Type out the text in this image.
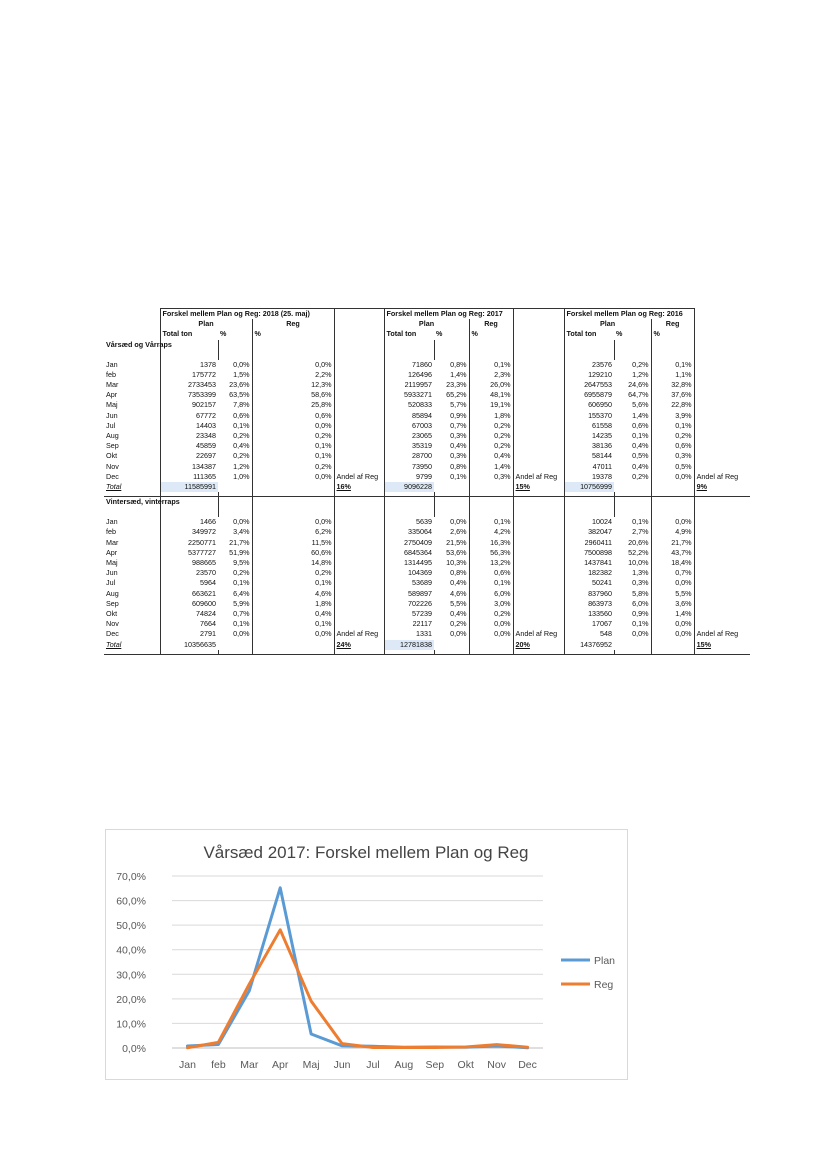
	Forskel mellem Plan og Reg: 2018 (25. maj)				Forskel mellem Plan og Reg: 2017				Forskel mellem Plan og Reg: 2016			
	Plan		Reg		Plan		Reg		Plan		Reg	
	Total ton	%	%		Total ton	%	%		Total ton	%	%	
Vårsæd og Vårraps												

Jan	1378	0,0%	0,0%		71860	0,8%	0,1%		23576	0,2%	0,1%	
feb	175772	1,5%	2,2%		126496	1,4%	2,3%		129210	1,2%	1,1%	
Mar	2733453	23,6%	12,3%		2119957	23,3%	26,0%		2647553	24,6%	32,8%	
Apr	7353399	63,5%	58,6%		5933271	65,2%	48,1%		6955879	64,7%	37,6%	
Maj	902157	7,8%	25,8%		520833	5,7%	19,1%		606950	5,6%	22,8%	
Jun	67772	0,6%	0,6%		85894	0,9%	1,8%		155370	1,4%	3,9%	
Jul	14403	0,1%	0,0%		67003	0,7%	0,2%		61558	0,6%	0,1%	
Aug	23348	0,2%	0,2%		23065	0,3%	0,2%		14235	0,1%	0,2%	
Sep	45859	0,4%	0,1%		35319	0,4%	0,2%		38136	0,4%	0,6%	
Okt	22697	0,2%	0,1%		28700	0,3%	0,4%		58144	0,5%	0,3%	
Nov	134387	1,2%	0,2%		73950	0,8%	1,4%		47011	0,4%	0,5%	
Dec	111365	1,0%	0,0%	Andel af Reg	9799	0,1%	0,3%	Andel af Reg	19378	0,2%	0,0%	Andel af Reg
Total	11585991			16%	9096228			15%	10756999			9%

Vintersæd, vinterraps												

Jan	1466	0,0%	0,0%		5639	0,0%	0,1%		10024	0,1%	0,0%	
feb	349972	3,4%	6,2%		335064	2,6%	4,2%		382047	2,7%	4,9%	
Mar	2250771	21,7%	11,5%		2750409	21,5%	16,3%		2960411	20,6%	21,7%	
Apr	5377727	51,9%	60,6%		6845364	53,6%	56,3%		7500898	52,2%	43,7%	
Maj	988665	9,5%	14,8%		1314495	10,3%	13,2%		1437841	10,0%	18,4%	
Jun	23570	0,2%	0,2%		104369	0,8%	0,6%		182382	1,3%	0,7%	
Jul	5964	0,1%	0,1%		53689	0,4%	0,1%		50241	0,3%	0,0%	
Aug	663621	6,4%	4,6%		589897	4,6%	6,0%		837960	5,8%	5,5%	
Sep	609600	5,9%	1,8%		702226	5,5%	3,0%		863973	6,0%	3,6%	
Okt	74824	0,7%	0,4%		57239	0,4%	0,2%		133560	0,9%	1,4%	
Nov	7664	0,1%	0,1%		22117	0,2%	0,0%		17067	0,1%	0,0%	
Dec	2791	0,0%	0,0%	Andel af Reg	1331	0,0%	0,0%	Andel af Reg	548	0,0%	0,0%	Andel af Reg
Total	10356635			24%	12781838			20%	14376952			15%

Vårsæd 2017: Forskel mellem Plan og Reg
0,0%
10,0%
20,0%
30,0%
40,0%
50,0%
60,0%
70,0%
Jan feb Mar Apr Maj Jun Jul Aug Sep Okt Nov Dec
Plan
Reg
